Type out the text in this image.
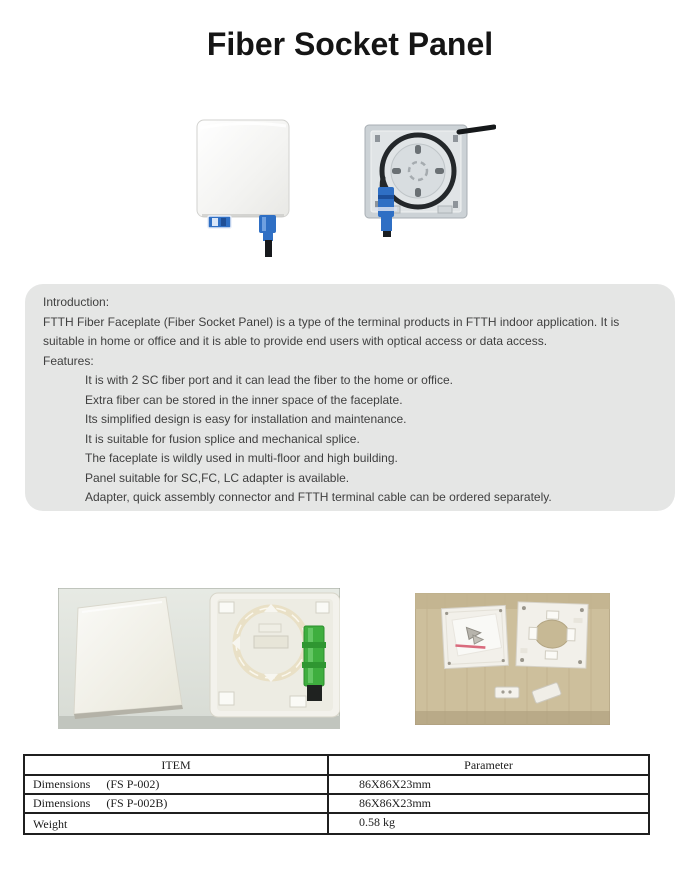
Fiber Socket Panel
Introduction:
FTTH Fiber Faceplate (Fiber Socket Panel) is a type of the terminal products in FTTH indoor application. It is
suitable in home or office and it is able to provide end users with optical access or data access.
Features:
It is with 2 SC fiber port and it can lead the fiber to the home or office.
Extra fiber can be stored in the inner space of the faceplate.
Its simplified design is easy for installation and maintenance.
It is suitable for fusion splice and mechanical splice.
The faceplate is wildly used in multi-floor and high building.
Panel suitable for SC,FC, LC adapter is available.
Adapter, quick assembly connector and FTTH terminal cable can be ordered separately.
ITEM	Parameter
Dimensions (FS P-002)	86X86X23mm
Dimensions (FS P-002B)	86X86X23mm
Weight	0.58 kg
